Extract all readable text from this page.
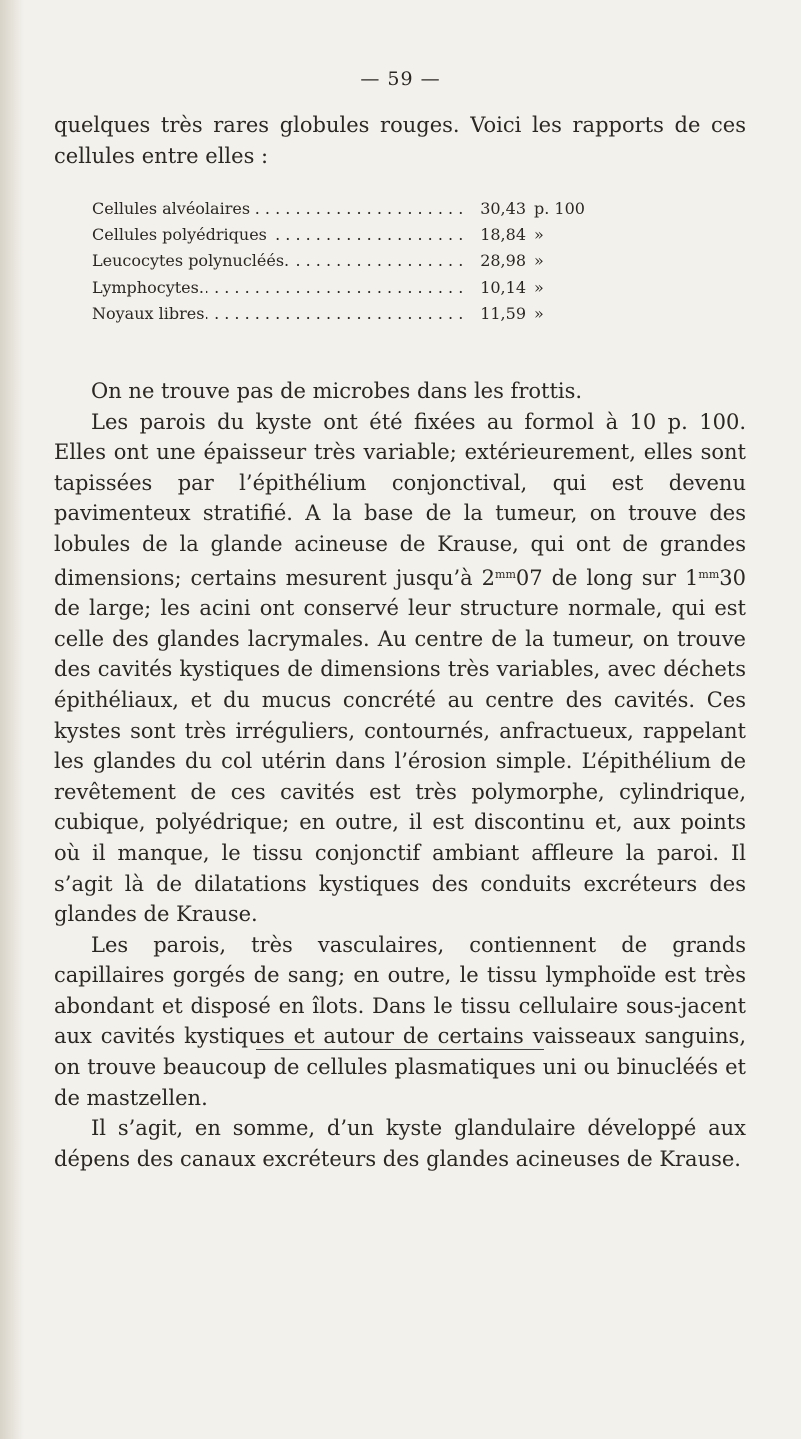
— 59 —

quelques très rares globules rouges. Voici les rapports de ces cellules entre elles :

Cellules alvéolaires . . .	30,43 p. 100
Cellules polyédriques . . .	18,84 »
Leucocytes polynucléés. . . .	28,98 »
Lymphocytes. . . .	10,14 »
Noyaux libres . . .	11,59 »
On ne trouve pas de microbes dans les frottis.
Les parois du kyste ont été fixées au formol à 10 p. 100. Elles ont une épaisseur très variable; extérieurement, elles sont tapissées par l’épithélium conjonctival, qui est devenu pavimenteux stratifié. A la base de la tumeur, on trouve des lobules de la glande acineuse de Krause, qui ont de grandes dimensions; certains mesurent jusqu’à $2^{mm}07$ de long sur $1^{mm}30$ de large; les acini ont conservé leur structure normale, qui est celle des glandes lacrymales. Au centre de la tumeur, on trouve des cavités kystiques de dimensions très variables, avec déchets épithéliaux, et du mucus concrété au centre des cavités. Ces kystes sont très irréguliers, contournés, anfractueux, rappelant les glandes du col utérin dans l’érosion simple. L’épithélium de revêtement de ces cavités est très polymorphe, cylindrique, cubique, polyédrique; en outre, il est discontinu et, aux points où il manque, le tissu conjonctif ambiant affleure la paroi. Il s’agit là de dilatations kystiques des conduits excréteurs des glandes de Krause.
Les parois, très vasculaires, contiennent de grands capillaires gorgés de sang; en outre, le tissu lymphoïde est très abondant et disposé en îlots. Dans le tissu cellulaire sous-jacent aux cavités kystiques et autour de certains vaisseaux sanguins, on trouve beaucoup de cellules plasmatiques uni ou binucléés et de mastzellen.
Il s’agit, en somme, d’un kyste glandulaire développé aux dépens des canaux excréteurs des glandes acineuses de Krause.
